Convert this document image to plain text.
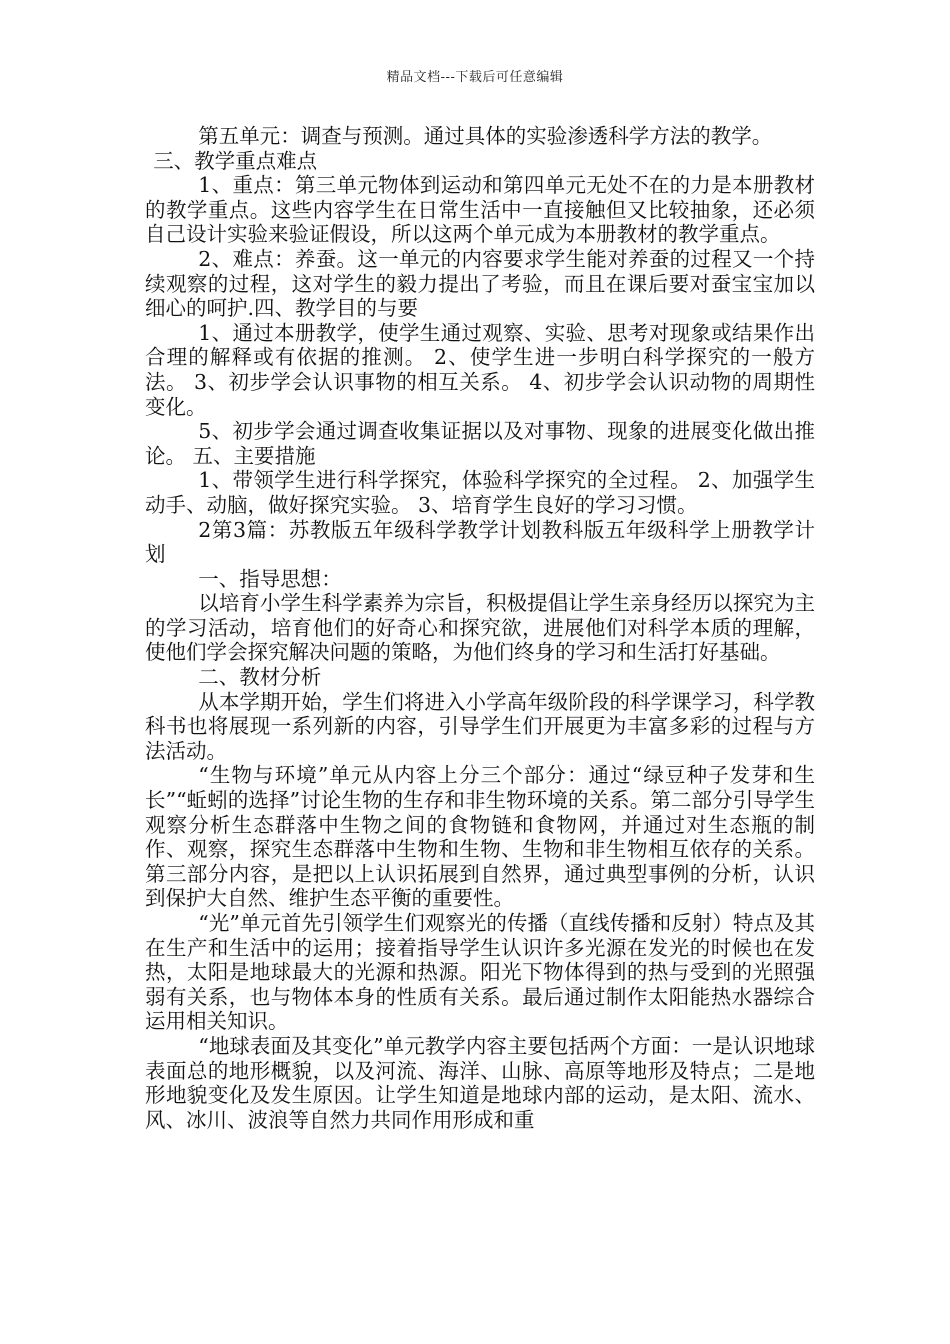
精品文档---下载后可任意编辑

第五单元：调查与预测。通过具体的实验渗透科学方法的教学。

三、教学重点难点

1、重点：第三单元物体到运动和第四单元无处不在的力是本册教材的教学重点。这些内容学生在日常生活中一直接触但又比较抽象，还必须自己设计实验来验证假设，所以这两个单元成为本册教材的教学重点。

2、难点：养蚕。这一单元的内容要求学生能对养蚕的过程又一个持续观察的过程，这对学生的毅力提出了考验，而且在课后要对蚕宝宝加以细心的呵护.四、教学目的与要

1、通过本册教学，使学生通过观察、实验、思考对现象或结果作出合理的解释或有依据的推测。 2、使学生进一步明白科学探究的一般方法。 3、初步学会认识事物的相互关系。 4、初步学会认识动物的周期性变化。

5、初步学会通过调查收集证据以及对事物、现象的进展变化做出推论。 五、主要措施

1、带领学生进行科学探究，体验科学探究的全过程。 2、加强学生动手、动脑，做好探究实验。 3、培育学生良好的学习习惯。

2第3篇：苏教版五年级科学教学计划教科版五年级科学上册教学计划

一、指导思想：

以培育小学生科学素养为宗旨，积极提倡让学生亲身经历以探究为主的学习活动，培育他们的好奇心和探究欲，进展他们对科学本质的理解，使他们学会探究解决问题的策略，为他们终身的学习和生活打好基础。

二、教材分析

从本学期开始，学生们将进入小学高年级阶段的科学课学习，科学教科书也将展现一系列新的内容，引导学生们开展更为丰富多彩的过程与方法活动。

“生物与环境”单元从内容上分三个部分：通过“绿豆种子发芽和生长”“蚯蚓的选择”讨论生物的生存和非生物环境的关系。第二部分引导学生观察分析生态群落中生物之间的食物链和食物网，并通过对生态瓶的制作、观察，探究生态群落中生物和生物、生物和非生物相互依存的关系。第三部分内容，是把以上认识拓展到自然界，通过典型事例的分析，认识到保护大自然、维护生态平衡的重要性。

“光”单元首先引领学生们观察光的传播（直线传播和反射）特点及其在生产和生活中的运用；接着指导学生认识许多光源在发光的时候也在发热，太阳是地球最大的光源和热源。阳光下物体得到的热与受到的光照强弱有关系，也与物体本身的性质有关系。最后通过制作太阳能热水器综合运用相关知识。

“地球表面及其变化”单元教学内容主要包括两个方面：一是认识地球表面总的地形概貌，以及河流、海洋、山脉、高原等地形及特点；二是地形地貌变化及发生原因。让学生知道是地球内部的运动，是太阳、流水、风、冰川、波浪等自然力共同作用形成和重
